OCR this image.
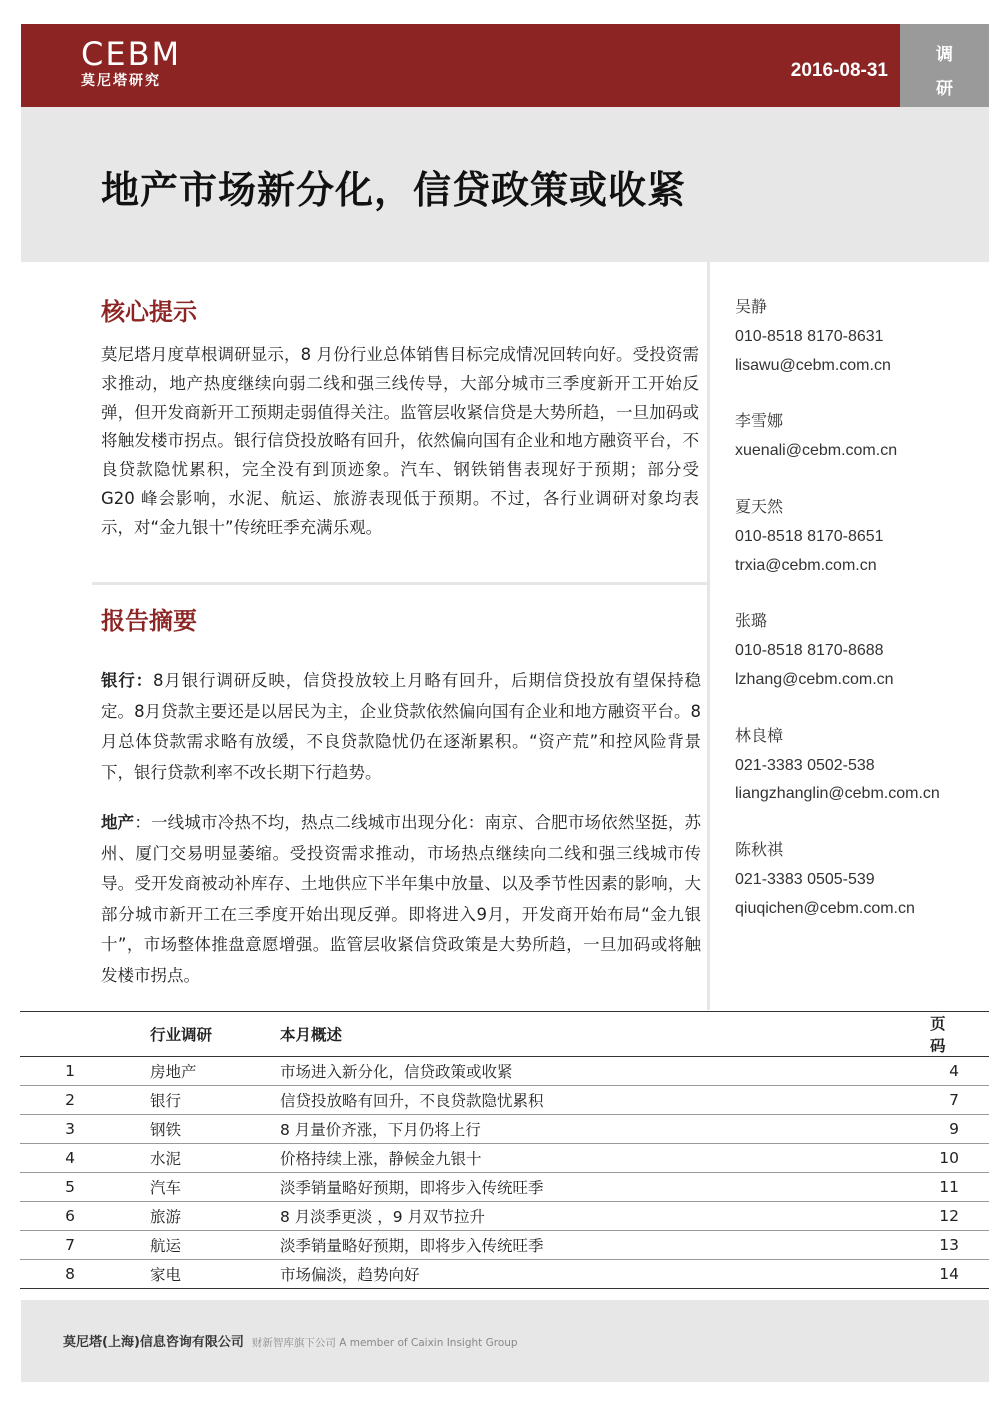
CEBM
莫尼塔研究	2016-08-31
调
研
地产市场新分化，信贷政策或收紧
核心提示
莫尼塔月度草根调研显示，8 月份行业总体销售目标完成情况回转向好。受投资需求推动，地产热度继续向弱二线和强三线传导，大部分城市三季度新开工开始反弹，但开发商新开工预期走弱值得关注。监管层收紧信贷是大势所趋，一旦加码或将触发楼市拐点。银行信贷投放略有回升，依然偏向国有企业和地方融资平台，不良贷款隐忧累积，完全没有到顶迹象。汽车、钢铁销售表现好于预期；部分受 G20 峰会影响，水泥、航运、旅游表现低于预期。不过，各行业调研对象均表示，对“金九银十”传统旺季充满乐观。
报告摘要
银行：8月银行调研反映，信贷投放较上月略有回升，后期信贷投放有望保持稳定。8月贷款主要还是以居民为主，企业贷款依然偏向国有企业和地方融资平台。8月总体贷款需求略有放缓，不良贷款隐忧仍在逐渐累积。“资产荒”和控风险背景下，银行贷款利率不改长期下行趋势。
地产：一线城市冷热不均，热点二线城市出现分化：南京、合肥市场依然坚挺，苏州、厦门交易明显萎缩。受投资需求推动，市场热点继续向二线和强三线城市传导。受开发商被动补库存、土地供应下半年集中放量、以及季节性因素的影响，大部分城市新开工在三季度开始出现反弹。即将进入9月，开发商开始布局“金九银十”，市场整体推盘意愿增强。监管层收紧信贷政策是大势所趋，一旦加码或将触发楼市拐点。
吴静
010-8518 8170-8631
lisawu@cebm.com.cn
李雪娜
xuenali@cebm.com.cn
夏天然
010-8518 8170-8651
trxia@cebm.com.cn
张璐
010-8518 8170-8688
lzhang@cebm.com.cn
林良樟
021-3383 0502-538
liangzhanglin@cebm.com.cn
陈秋祺
021-3383 0505-539
qiuqichen@cebm.com.cn
	行业调研	本月概述	页码
1	房地产	市场进入新分化，信贷政策或收紧	4
2	银行	信贷投放略有回升，不良贷款隐忧累积	7
3	钢铁	8 月量价齐涨，下月仍将上行	9
4	水泥	价格持续上涨，静候金九银十	10
5	汽车	淡季销量略好预期，即将步入传统旺季	11
6	旅游	8 月淡季更淡 ，9 月双节拉升	12
7	航运	淡季销量略好预期，即将步入传统旺季	13
8	家电	市场偏淡，趋势向好	14
莫尼塔(上海)信息咨询有限公司 财新智库旗下公司 A member of Caixin Insight Group
